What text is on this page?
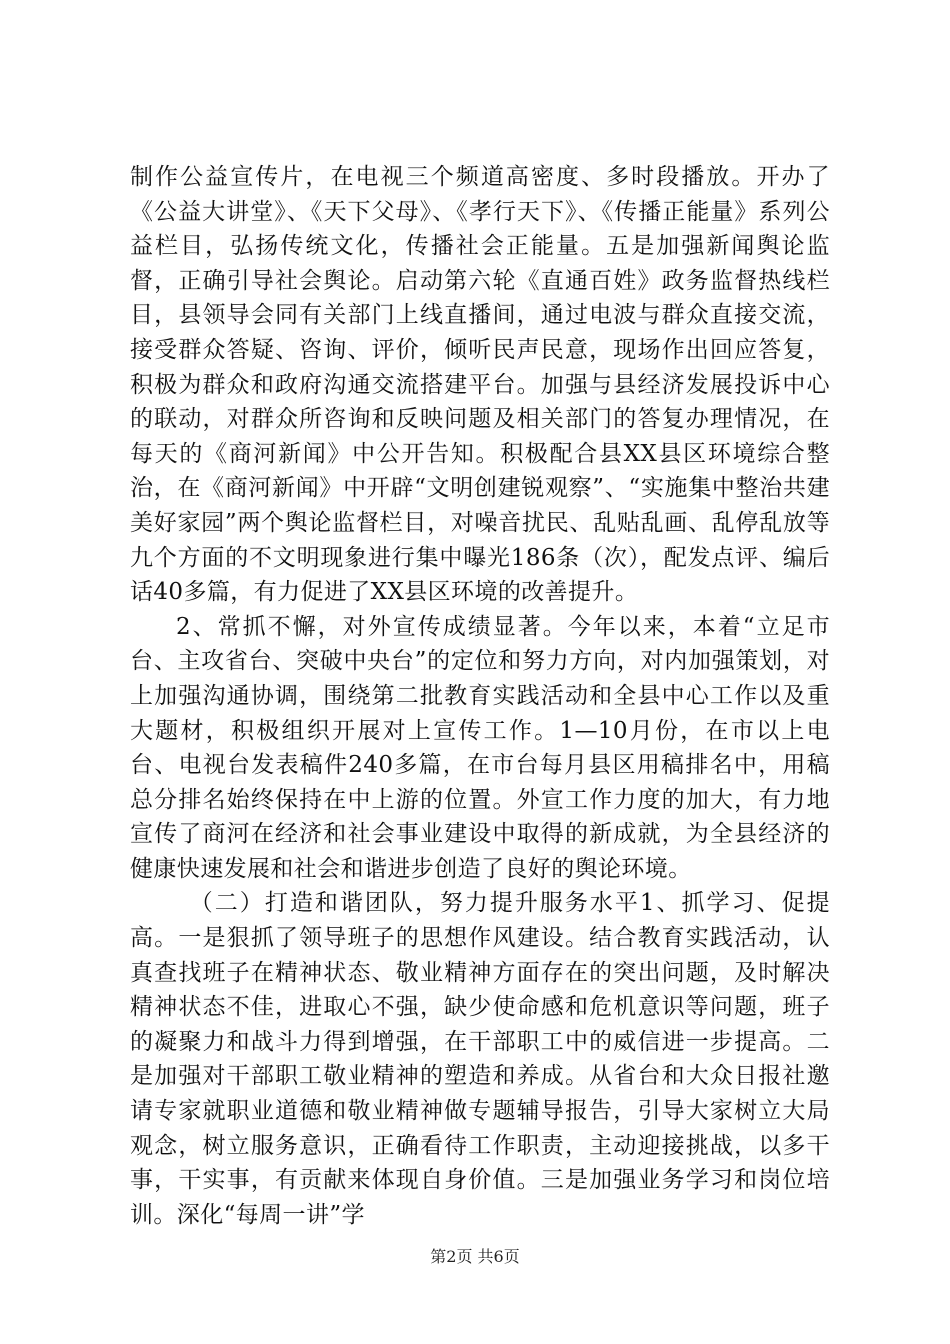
制作公益宣传片，在电视三个频道高密度、多时段播放。开办了《公益大讲堂》、《天下父母》、《孝行天下》、《传播正能量》系列公益栏目，弘扬传统文化，传播社会正能量。五是加强新闻舆论监督，正确引导社会舆论。启动第六轮《直通百姓》政务监督热线栏目，县领导会同有关部门上线直播间，通过电波与群众直接交流，接受群众答疑、咨询、评价，倾听民声民意，现场作出回应答复，积极为群众和政府沟通交流搭建平台。加强与县经济发展投诉中心的联动，对群众所咨询和反映问题及相关部门的答复办理情况，在每天的《商河新闻》中公开告知。积极配合县XX县区环境综合整治，在《商河新闻》中开辟“文明创建锐观察”、“实施集中整治共建美好家园”两个舆论监督栏目，对噪音扰民、乱贴乱画、乱停乱放等九个方面的不文明现象进行集中曝光186条（次），配发点评、编后话40多篇，有力促进了XX县区环境的改善提升。

2、常抓不懈，对外宣传成绩显著。今年以来，本着“立足市台、主攻省台、突破中央台”的定位和努力方向，对内加强策划，对上加强沟通协调，围绕第二批教育实践活动和全县中心工作以及重大题材，积极组织开展对上宣传工作。1—10月份，在市以上电台、电视台发表稿件240多篇，在市台每月县区用稿排名中，用稿总分排名始终保持在中上游的位置。外宣工作力度的加大，有力地宣传了商河在经济和社会事业建设中取得的新成就，为全县经济的健康快速发展和社会和谐进步创造了良好的舆论环境。

（二）打造和谐团队，努力提升服务水平1、抓学习、促提高。一是狠抓了领导班子的思想作风建设。结合教育实践活动，认真查找班子在精神状态、敬业精神方面存在的突出问题，及时解决精神状态不佳，进取心不强，缺少使命感和危机意识等问题，班子的凝聚力和战斗力得到增强，在干部职工中的威信进一步提高。二是加强对干部职工敬业精神的塑造和养成。从省台和大众日报社邀请专家就职业道德和敬业精神做专题辅导报告，引导大家树立大局观念，树立服务意识，正确看待工作职责，主动迎接挑战，以多干事，干实事，有贡献来体现自身价值。三是加强业务学习和岗位培训。深化“每周一讲”学

第2页 共6页
